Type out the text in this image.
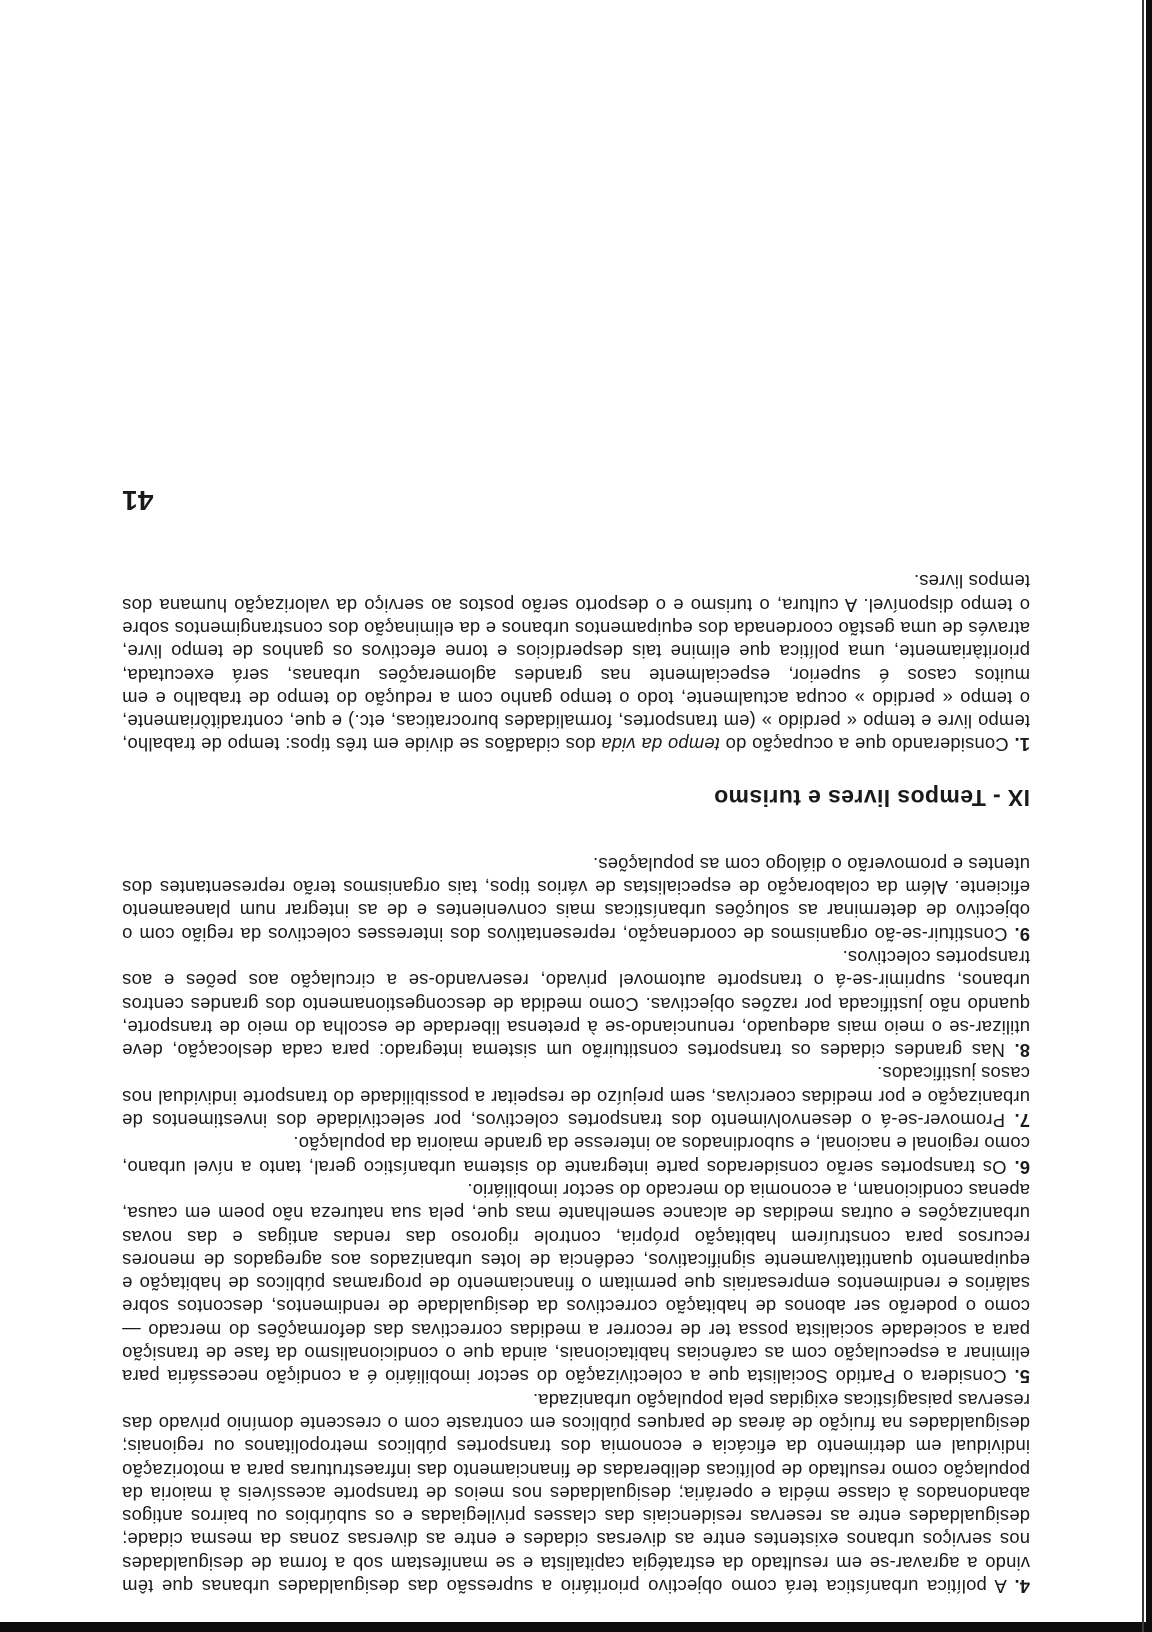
4. A política urbanística terá como objectivo prioritário a supressão das desigualdades urbanas que têm vindo a agravar-se em resultado da estratégia capitalista e se manifestam sob a forma de desigualdades nos serviços urbanos existentes entre as diversas cidades e entre as diversas zonas da mesma cidade; desigualdades entre as reservas residenciais das classes privilegiadas e os subúrbios ou bairros antigos abandonados à classe média e operária; desigualdades nos meios de transporte acessíveis à maioria da população como resultado de políticas deliberadas de financiamento das infraestruturas para a motorização individual em detrimento da eficácia e economia dos transportes públicos metropolitanos ou regionais; desigualdades na fruição de áreas de parques públicos em contraste com o crescente domínio privado das reservas paisagísticas exigidas pela população urbanizada.

5. Considera o Partido Socialista que a colectivização do sector imobiliário é a condição necessária para eliminar a especulação com as carências habitacionais, ainda que o condicionalismo da fase de transição para a sociedade socialista possa ter de recorrer a medidas correctivas das deformações do mercado — como o poderão ser abonos de habitação correctivos da desigualdade de rendimentos, descontos sobre salários e rendimentos empresariais que permitam o financiamento de programas públicos de habitação e equipamento quantitativamente significativos, cedência de lotes urbanizados aos agregados de menores recursos para construírem habitação própria, controle rigoroso das rendas antigas e das novas urbanizações e outras medidas de alcance semelhante mas que, pela sua natureza não poem em causa, apenas condicionam, a economia do mercado do sector imobiliário.

6. Os transportes serão considerados parte integrante do sistema urbanístico geral, tanto a nível urbano, como regional e nacional, e subordinados ao interesse da grande maioria da população.

7. Promover-se-á o desenvolvimento dos transportes colectivos, por selectividade dos investimentos de urbanização e por medidas coercivas, sem prejuízo de respeitar a possibilidade do transporte individual nos casos justificados.

8. Nas grandes cidades os transportes constituirão um sistema integrado: para cada deslocação, deve utilizar-se o meio mais adequado, renunciando-se à pretensa liberdade de escolha do meio de transporte, quando não justificada por razões objectivas. Como medida de descongestionamento dos grandes centros urbanos, suprimir-se-á o transporte automovel privado, reservando-se a circulação aos peões e aos transportes colectivos.

9. Constituir-se-ão organismos de coordenação, representativos dos interesses colectivos da região com o objectivo de determinar as soluções urbanísticas mais convenientes e de as integrar num planeamento eficiente. Além da colaboração de especialistas de vários tipos, tais organismos terão representantes dos utentes e promoverão o diálogo com as populações.

IX - Tempos livres e turismo

1. Considerando que a ocupação do tempo da vida dos cidadãos se divide em três tipos: tempo de trabalho, tempo livre e tempo « perdido » (em transportes, formalidades burocraticas, etc.) e que, contraditòriamente, o tempo « perdido » ocupa actualmente, todo o tempo ganho com a redução do tempo de trabalho e em muitos casos é superior, especialmente nas grandes aglomerações urbanas, será executada, prioritàriamente, uma política que elimine tais desperdícios e torne efectivos os ganhos de tempo livre, através de uma gestão coordenada dos equipamentos urbanos e da eliminação dos constrangimentos sobre o tempo disponível. A cultura, o turismo e o desporto serão postos ao serviço da valorização humana dos tempos livres.

41
